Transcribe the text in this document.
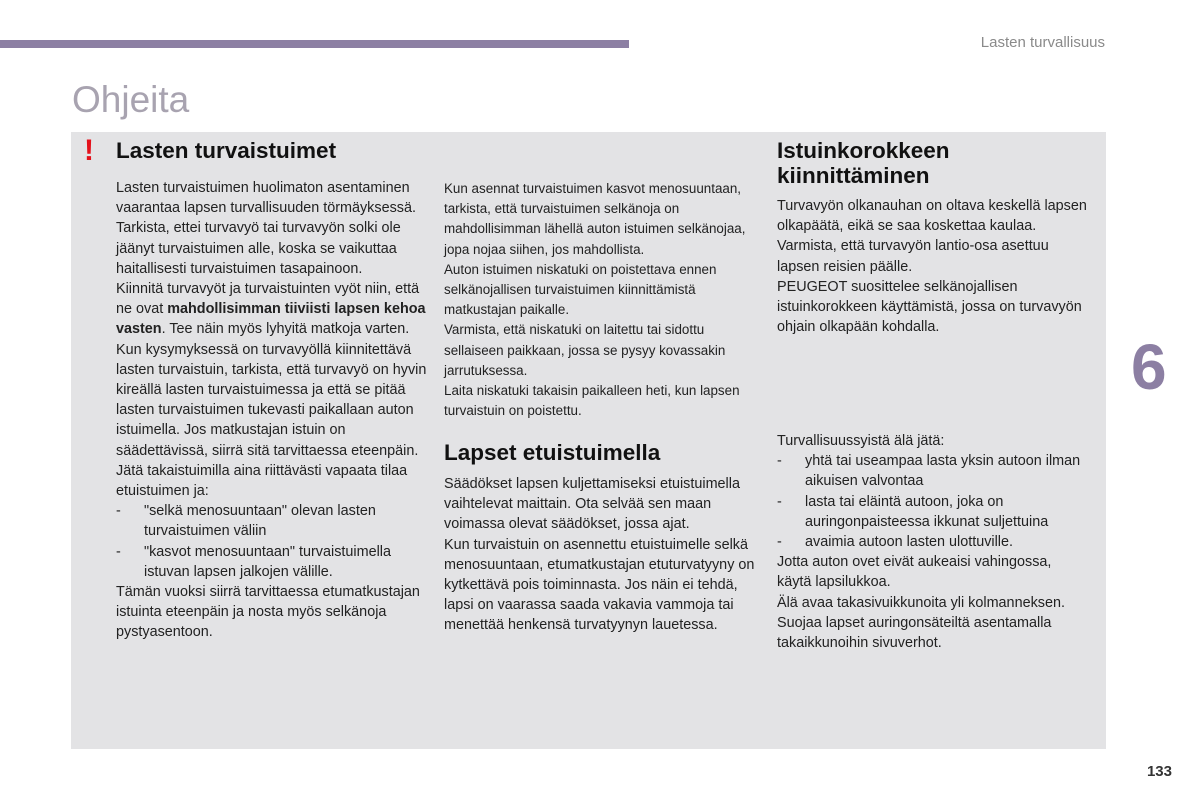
Lasten turvallisuus
Ohjeita
6
133
! Lasten turvaistuimet

Lasten turvaistuimen huolimaton asentaminen vaarantaa lapsen turvallisuuden törmäyksessä.

Tarkista, ettei turvavyö tai turvavyön solki ole jäänyt turvaistuimen alle, koska se vaikuttaa haitallisesti turvaistuimen tasapainoon.

Kiinnitä turvavyöt ja turvaistuinten vyöt niin, että ne ovat mahdollisimman tiiviisti lapsen kehoa vasten. Tee näin myös lyhyitä matkoja varten.

Kun kysymyksessä on turvavyöllä kiinnitettävä lasten turvaistuin, tarkista, että turvavyö on hyvin kireällä lasten turvaistuimessa ja että se pitää lasten turvaistuimen tukevasti paikallaan auton istuimella. Jos matkustajan istuin on säädettävissä, siirrä sitä tarvittaessa eteenpäin.

Jätä takaistuimilla aina riittävästi vapaata tilaa etuistuimen ja:

-	"selkä menosuuntaan" olevan lasten turvaistuimen väliin
-	"kasvot menosuuntaan" turvaistuimella istuvan lapsen jalkojen välille.

Tämän vuoksi siirrä tarvittaessa etumatkustajan istuinta eteenpäin ja nosta myös selkänoja pystyasentoon.

Kun asennat turvaistuimen kasvot menosuuntaan, tarkista, että turvaistuimen selkänoja on mahdollisimman lähellä auton istuimen selkänojaa, jopa nojaa siihen, jos mahdollista.

Auton istuimen niskatuki on poistettava ennen selkänojallisen turvaistuimen kiinnittämistä matkustajan paikalle.

Varmista, että niskatuki on laitettu tai sidottu sellaiseen paikkaan, jossa se pysyy kovassakin jarrutuksessa.

Laita niskatuki takaisin paikalleen heti, kun lapsen turvaistuin on poistettu.

Lapset etuistuimella

Säädökset lapsen kuljettamiseksi etuistuimella vaihtelevat maittain. Ota selvää sen maan voimassa olevat säädökset, jossa ajat.

Kun turvaistuin on asennettu etuistuimelle selkä menosuuntaan, etumatkustajan etuturvatyyny on kytkettävä pois toiminnasta. Jos näin ei tehdä, lapsi on vaarassa saada vakavia vammoja tai menettää henkensä turvatyynyn lauetessa.

Istuinkorokkeen kiinnittäminen

Turvavyön olkanauhan on oltava keskellä lapsen olkapäätä, eikä se saa koskettaa kaulaa.

Varmista, että turvavyön lantio-osa asettuu lapsen reisien päälle.

PEUGEOT suosittelee selkänojallisen istuinkorokkeen käyttämistä, jossa on turvavyön ohjain olkapään kohdalla.

Turvallisuussyistä älä jätä:

-	yhtä tai useampaa lasta yksin autoon ilman aikuisen valvontaa
-	lasta tai eläintä autoon, joka on auringonpaisteessa ikkunat suljettuina
-	avaimia autoon lasten ulottuville.

Jotta auton ovet eivät aukeaisi vahingossa, käytä lapsilukkoa.

Älä avaa takasivuikkunoita yli kolmanneksen.

Suojaa lapset auringonsäteiltä asentamalla takaikkunoihin sivuverhot.
